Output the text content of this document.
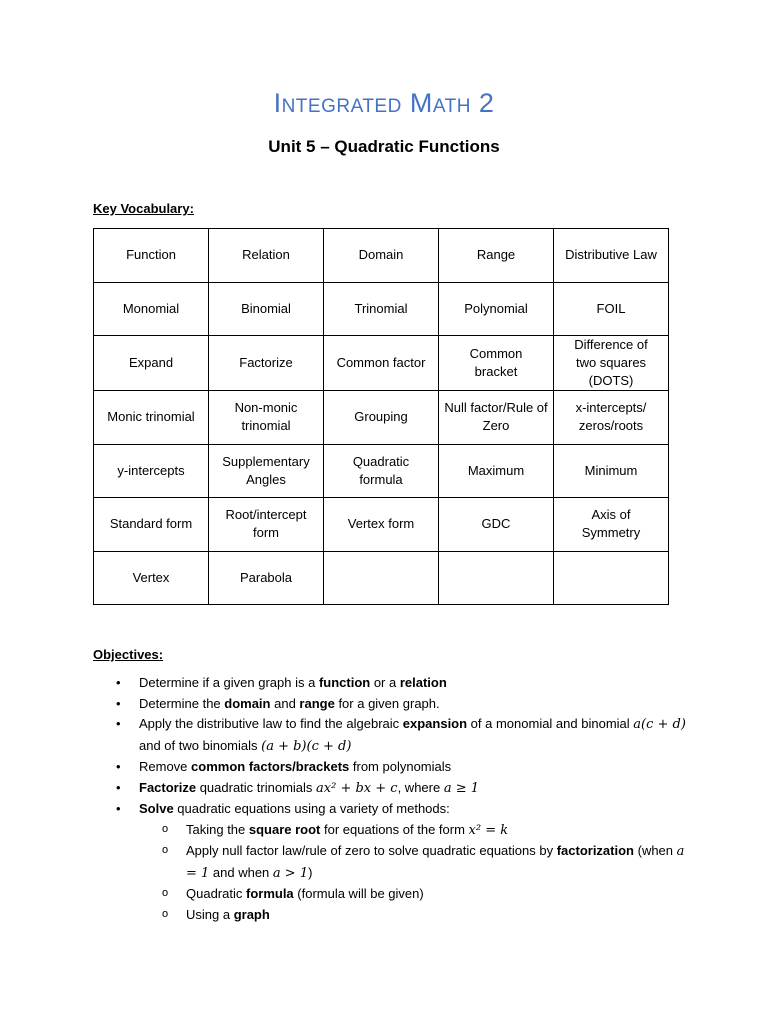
Integrated Math 2
Unit 5 – Quadratic Functions
Key Vocabulary:
Function	Relation	Domain	Range	Distributive Law
Monomial	Binomial	Trinomial	Polynomial	FOIL
Expand	Factorize	Common factor	Common bracket	Difference of two squares (DOTS)
Monic trinomial	Non-monic trinomial	Grouping	Null factor/Rule of Zero	x-intercepts/ zeros/roots
y-intercepts	Supplementary Angles	Quadratic formula	Maximum	Minimum
Standard form	Root/intercept form	Vertex form	GDC	Axis of Symmetry
Vertex	Parabola			
Objectives:
• Determine if a given graph is a function or a relation
• Determine the domain and range for a given graph.
• Apply the distributive law to find the algebraic expansion of a monomial and binomial a(c + d) and of two binomials (a + b)(c + d)
• Remove common factors/brackets from polynomials
• Factorize quadratic trinomials ax² + bx + c, where a ≥ 1
• Solve quadratic equations using a variety of methods:
o Taking the square root for equations of the form x² = k
o Apply null factor law/rule of zero to solve quadratic equations by factorization (when a = 1 and when a > 1)
o Quadratic formula (formula will be given)
o Using a graph
